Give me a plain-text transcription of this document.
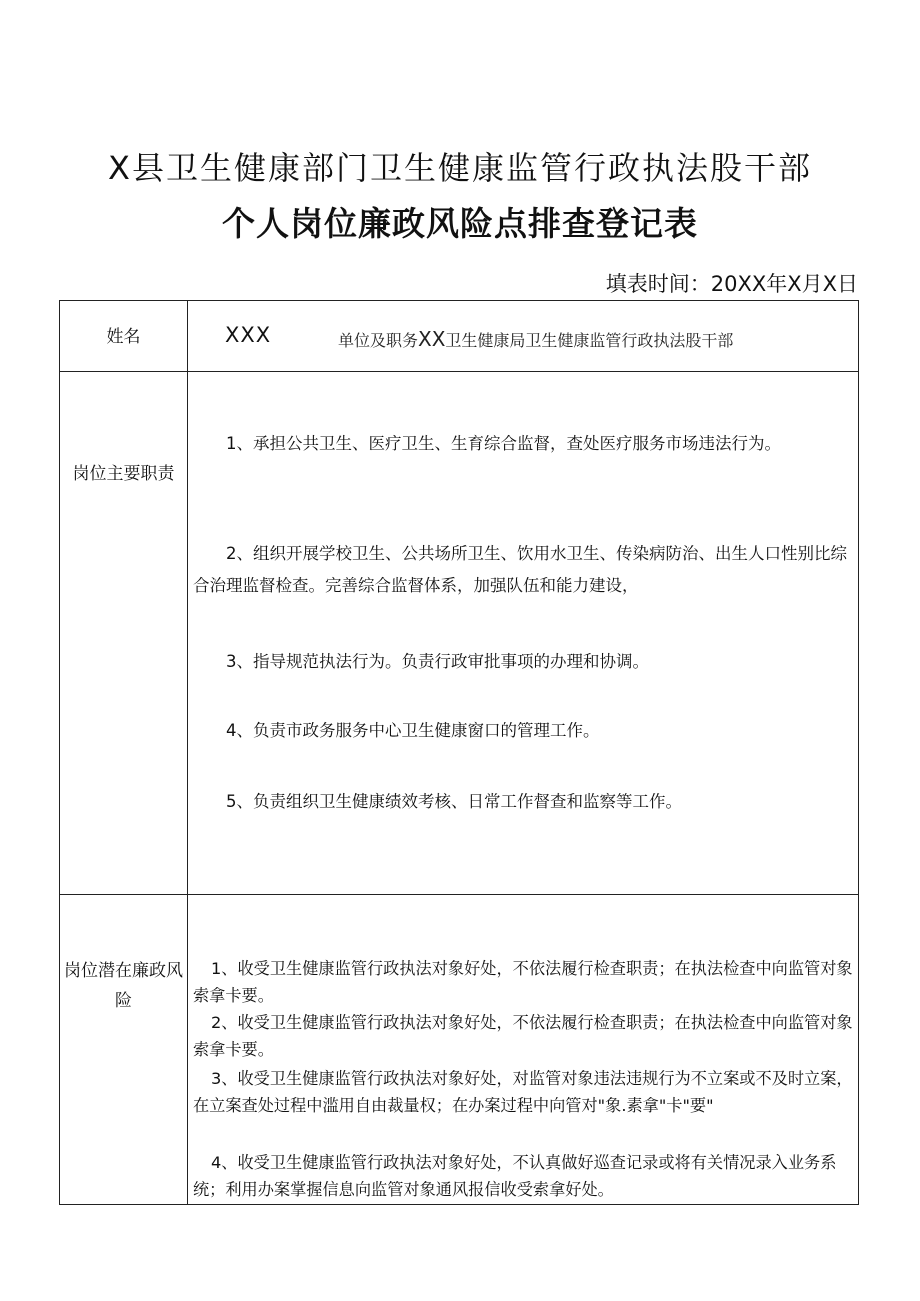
X县卫生健康部门卫生健康监管行政执法股干部
个人岗位廉政风险点排查登记表
填表时间：20XX年X月X日
姓名	XXX	单位及职务XX卫生健康局卫生健康监管行政执法股干部
岗位主要职责
1、承担公共卫生、医疗卫生、生育综合监督，查处医疗服务市场违法行为。
2、组织开展学校卫生、公共场所卫生、饮用水卫生、传染病防治、出生人口性别比综合治理监督检查。完善综合监督体系，加强队伍和能力建设，
3、指导规范执法行为。负责行政审批事项的办理和协调。
4、负责市政务服务中心卫生健康窗口的管理工作。
5、负责组织卫生健康绩效考核、日常工作督查和监察等工作。
岗位潜在廉政风险
1、收受卫生健康监管行政执法对象好处，不依法履行检查职责；在执法检查中向监管对象索拿卡要。
2、收受卫生健康监管行政执法对象好处，不依法履行检查职责；在执法检查中向监管对象索拿卡要。
3、收受卫生健康监管行政执法对象好处，对监管对象违法违规行为不立案或不及时立案，在立案查处过程中滥用自由裁量权；在办案过程中向管对"象.素拿"卡"要"
4、收受卫生健康监管行政执法对象好处，不认真做好巡查记录或将有关情况录入业务系统；利用办案掌握信息向监管对象通风报信收受索拿好处。
